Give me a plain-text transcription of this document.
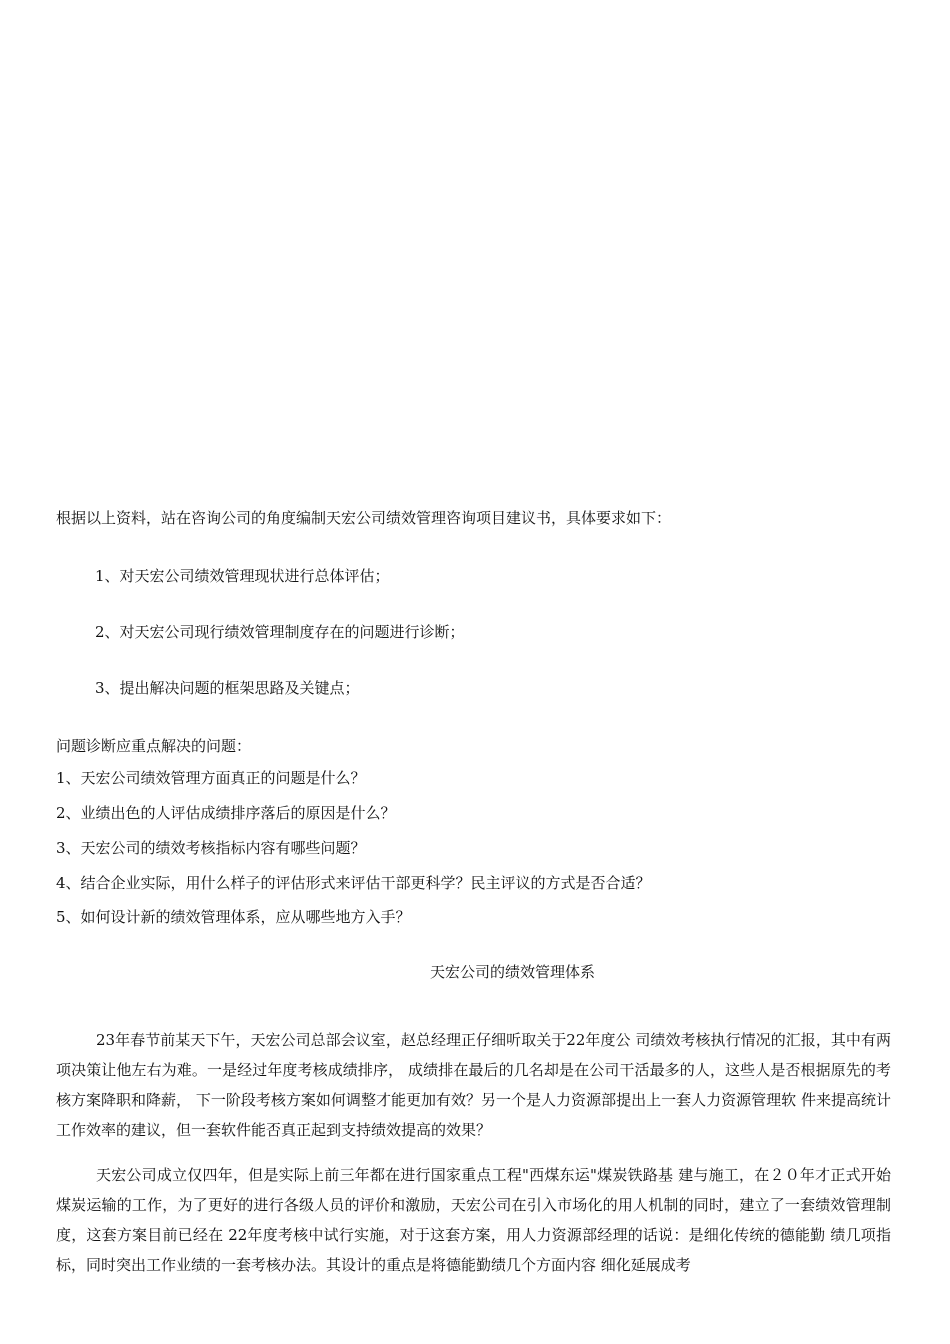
根据以上资料，站在咨询公司的角度编制天宏公司绩效管理咨询项目建议书，具体要求如下：
1、对天宏公司绩效管理现状进行总体评估；
2、对天宏公司现行绩效管理制度存在的问题进行诊断；
3、提出解决问题的框架思路及关键点；
问题诊断应重点解决的问题：
1、天宏公司绩效管理方面真正的问题是什么？
2、业绩出色的人评估成绩排序落后的原因是什么？
3、天宏公司的绩效考核指标内容有哪些问题？
4、结合企业实际，用什么样子的评估形式来评估干部更科学？民主评议的方式是否合适？
5、如何设计新的绩效管理体系，应从哪些地方入手？
天宏公司的绩效管理体系
23年春节前某天下午，天宏公司总部会议室，赵总经理正仔细听取关于22年度公 司绩效考核执行情况的汇报，其中有两项决策让他左右为难。一是经过年度考核成绩排序， 成绩排在最后的几名却是在公司干活最多的人，这些人是否根据原先的考核方案降职和降薪， 下一阶段考核方案如何调整才能更加有效？另一个是人力资源部提出上一套人力资源管理软 件来提高统计工作效率的建议，但一套软件能否真正起到支持绩效提高的效果？
天宏公司成立仅四年，但是实际上前三年都在进行国家重点工程"西煤东运"煤炭铁路基 建与施工，在２０年才正式开始煤炭运输的工作，为了更好的进行各级人员的评价和激励，天宏公司在引入市场化的用人机制的同时，建立了一套绩效管理制度，这套方案目前已经在 22年度考核中试行实施，对于这套方案，用人力资源部经理的话说：是细化传统的德能勤 绩几项指标，同时突出工作业绩的一套考核办法。其设计的重点是将德能勤绩几个方面内容 细化延展成考
